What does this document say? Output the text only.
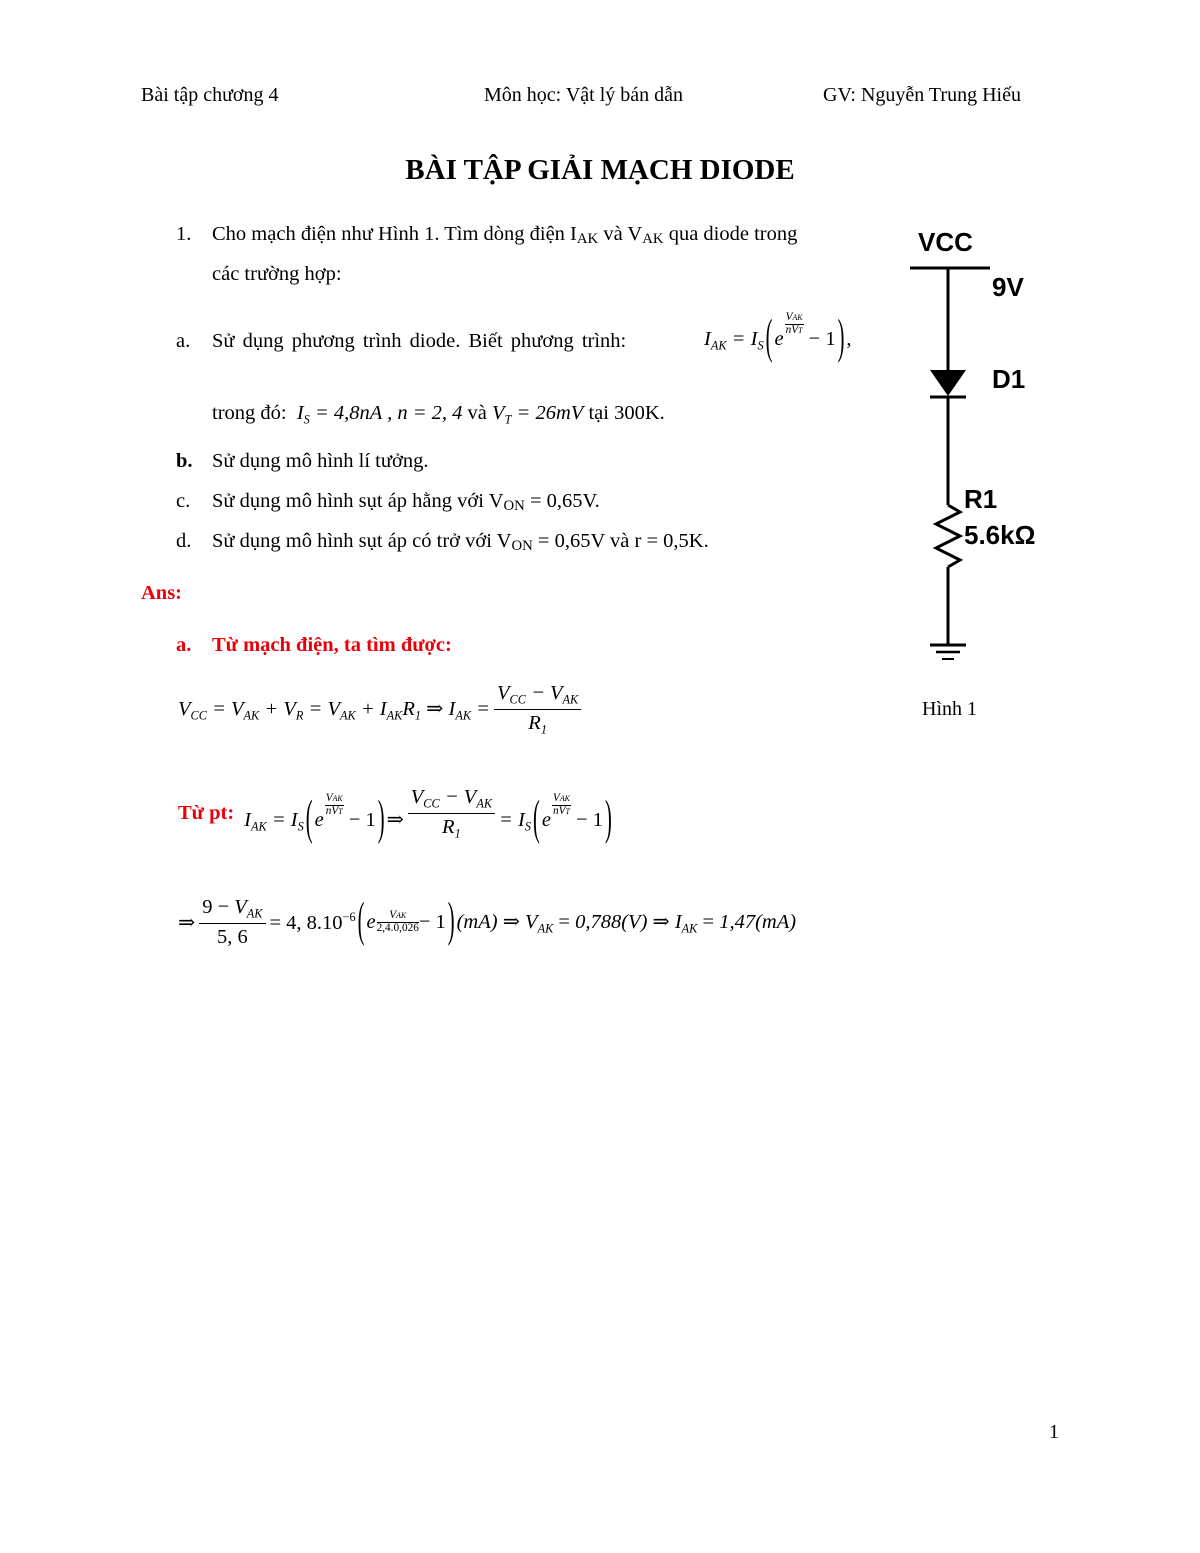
Bài tập chương 4	Môn học: Vật lý bán dẫn	GV: Nguyễn Trung Hiếu
BÀI TẬP GIẢI MẠCH DIODE
1. Cho mạch điện như Hình 1. Tìm dòng điện IAK và VAK qua diode trong
các trường hợp:
a. Sử dụng phương trình diode. Biết phương trình:	$I_{AK} = I_S(e$
VAK
nVT − 1),
trong đó: $I_S = 4,8nA$ , n = 2, 4 và $V_T = 26mV$ tại 300K.
b. Sử dụng mô hình lí tưởng.
c. Sử dụng mô hình sụt áp hằng với VON = 0,65V.
d. Sử dụng mô hình sụt áp có trở với VON = 0,65V và r = 0,5K.
Ans:
a. Từ mạch điện, ta tìm được:
$V_{CC} = V_{AK} + V_R = V_{AK} + I_{AK}R_1$ ⇒ $I_{AK} = \frac{V_{CC} - V_{AK}}{R_1}$
Từ pt: $I_{AK} = I_S(e$
VAK
nVT − 1)⇒ $\frac{V_{CC} - V_{AK}}{R_1} = I_S(e$
VAK
nVT − 1)
⇒ $\frac{9 - V_{AK}}{5, 6} = 4$, $8.10^{-6}$ ( e	VAK
2,4.0,026 − 1 ) (mA) ⇒ $V_{AK} = 0,788(V)$ ⇒ $I_{AK} = 1,47(mA)$
VCC
9V
D1
R1
5.6kΩ
Hình 1
1
